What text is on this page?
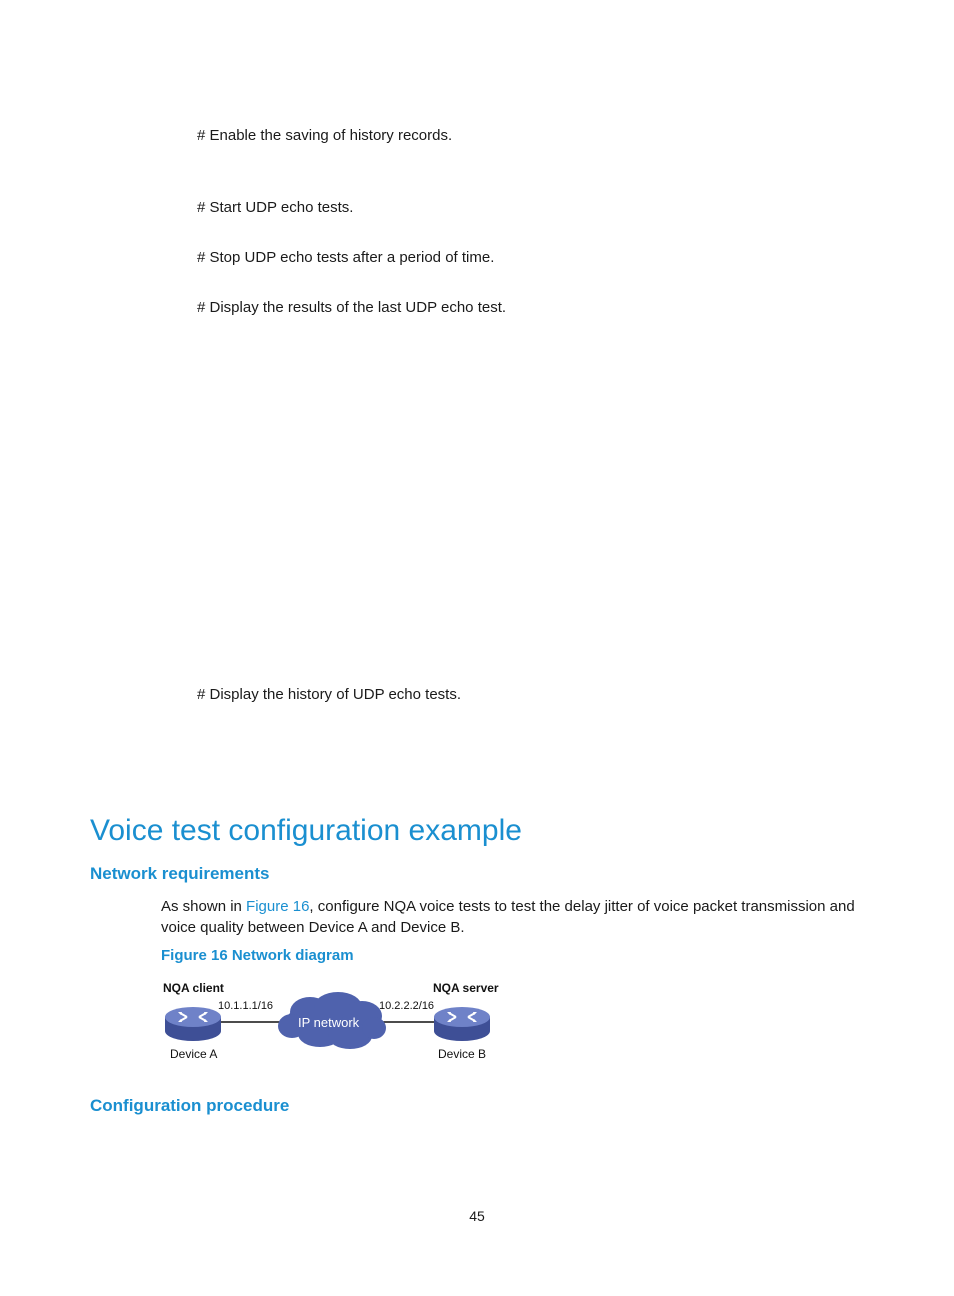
# Enable the saving of history records.
# Start UDP echo tests.
# Stop UDP echo tests after a period of time.
# Display the results of the last UDP echo test.
# Display the history of UDP echo tests.
Voice test configuration example
Network requirements
As shown in Figure 16, configure NQA voice tests to test the delay jitter of voice packet transmission and
voice quality between Device A and Device B.
Figure 16 Network diagram
NQA client	NQA server
10.1.1.1/16	10.2.2.2/16
IP network
Device A	Device B
Configuration procedure
45
